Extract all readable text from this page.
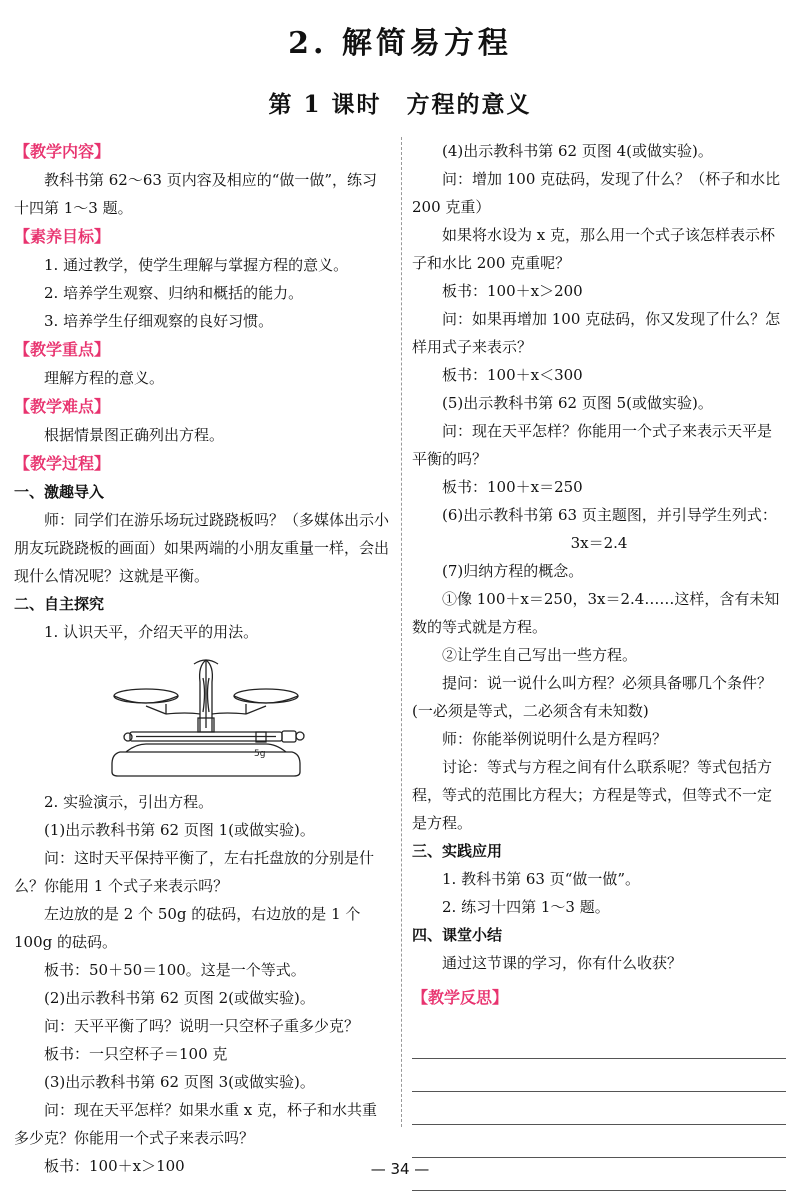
2. 解简易方程
第 1 课时　方程的意义

【教学内容】

教科书第 62～63 页内容及相应的“做一做”，练习十四第 1～3 题。

【素养目标】

1. 通过教学，使学生理解与掌握方程的意义。

2. 培养学生观察、归纳和概括的能力。

3. 培养学生仔细观察的良好习惯。

【教学重点】

理解方程的意义。

【教学难点】

根据情景图正确列出方程。

【教学过程】

一、激趣导入

师：同学们在游乐场玩过跷跷板吗？（多媒体出示小朋友玩跷跷板的画面）如果两端的小朋友重量一样，会出现什么情况呢？这就是平衡。

二、自主探究

1. 认识天平，介绍天平的用法。

5g

2. 实验演示，引出方程。

(1)出示教科书第 62 页图 1(或做实验)。

问：这时天平保持平衡了，左右托盘放的分别是什么？你能用 1 个式子来表示吗？

左边放的是 2 个 50g 的砝码，右边放的是 1 个 100g 的砝码。

板书：50＋50＝100。这是一个等式。

(2)出示教科书第 62 页图 2(或做实验)。

问：天平平衡了吗？说明一只空杯子重多少克？

板书：一只空杯子＝100 克

(3)出示教科书第 62 页图 3(或做实验)。

问：现在天平怎样？如果水重 x 克，杯子和水共重多少克？你能用一个式子来表示吗？

板书：100＋x＞100

(4)出示教科书第 62 页图 4(或做实验)。

问：增加 100 克砝码，发现了什么？（杯子和水比 200 克重）

如果将水设为 x 克，那么用一个式子该怎样表示杯子和水比 200 克重呢？

板书：100＋x＞200

问：如果再增加 100 克砝码，你又发现了什么？怎样用式子来表示？

板书：100＋x＜300

(5)出示教科书第 62 页图 5(或做实验)。

问：现在天平怎样？你能用一个式子来表示天平是平衡的吗？

板书：100＋x＝250

(6)出示教科书第 63 页主题图，并引导学生列式：

3x＝2.4

(7)归纳方程的概念。

①像 100＋x＝250，3x＝2.4……这样，含有未知数的等式就是方程。

②让学生自己写出一些方程。

提问：说一说什么叫方程？必须具备哪几个条件？(一必须是等式，二必须含有未知数)

师：你能举例说明什么是方程吗？

讨论：等式与方程之间有什么联系呢？等式包括方程，等式的范围比方程大；方程是等式，但等式不一定是方程。

三、实践应用

1. 教科书第 63 页“做一做”。

2. 练习十四第 1～3 题。

四、课堂小结

通过这节课的学习，你有什么收获？

【教学反思】

— 34 —
